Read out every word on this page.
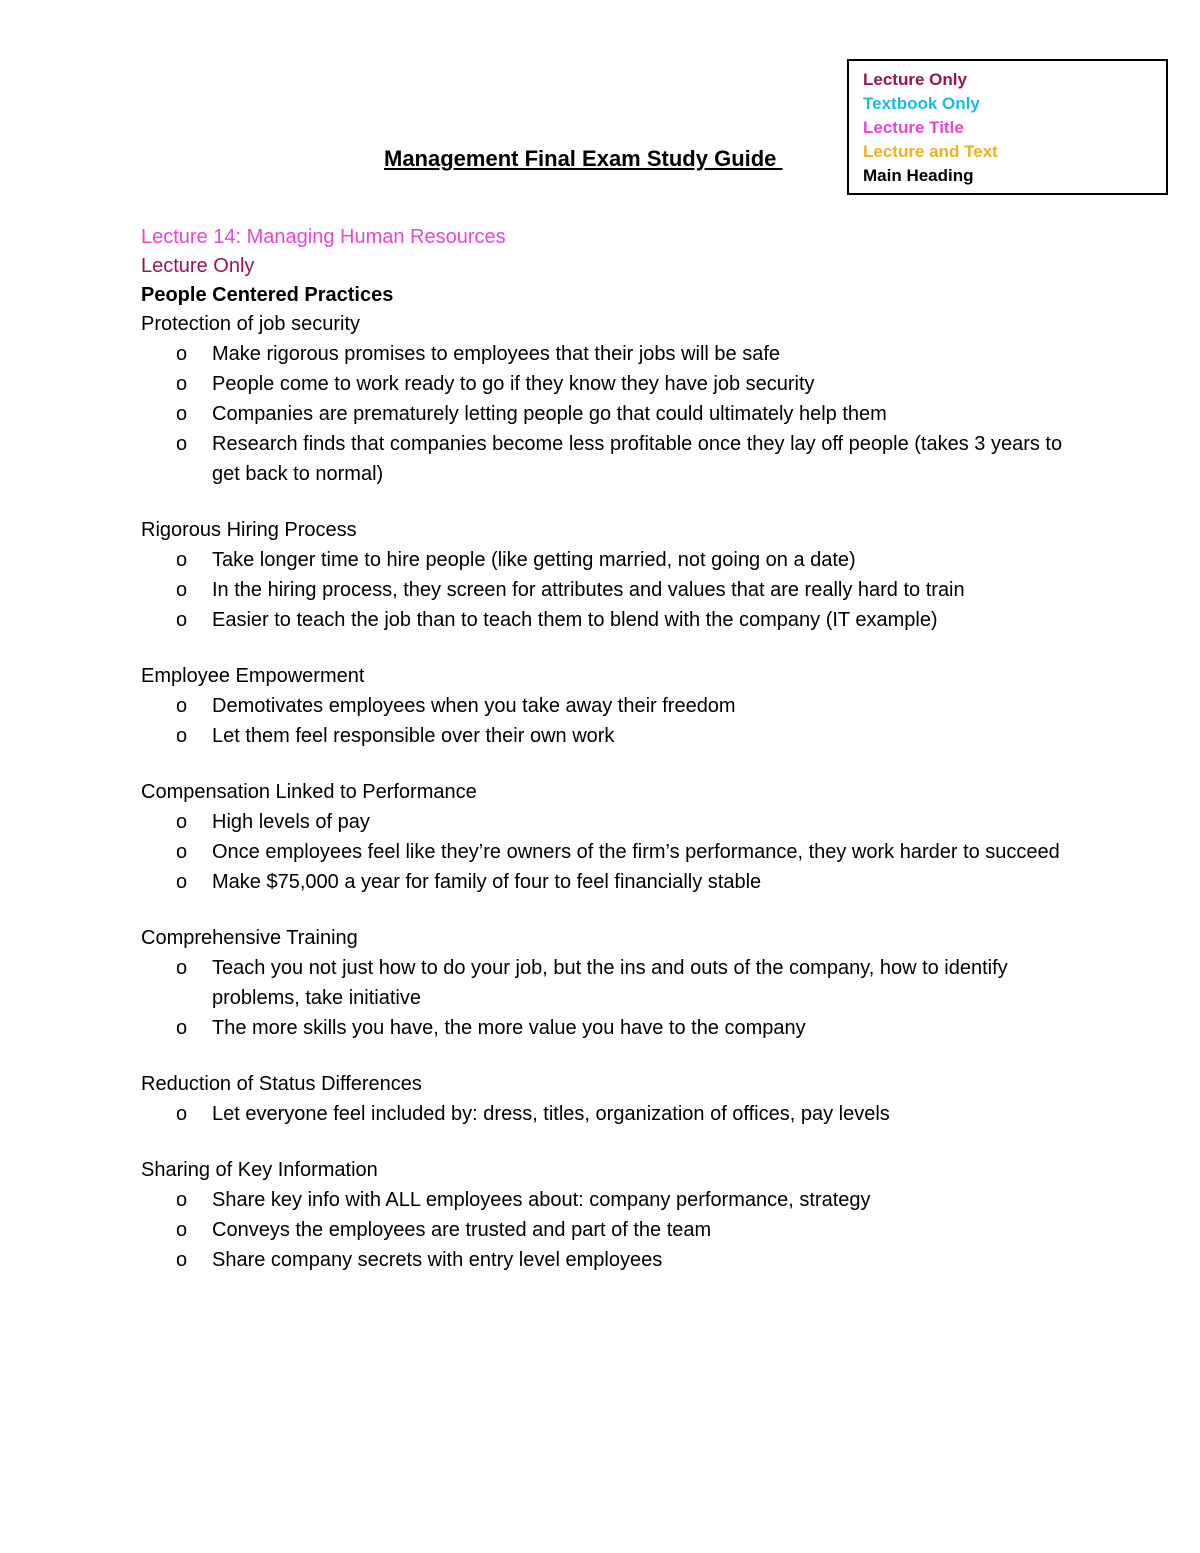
Lecture Only
Textbook Only
Lecture Title
Lecture and Text
Main Heading
Management Final Exam Study Guide
Lecture 14: Managing Human Resources
Lecture Only
People Centered Practices
Protection of job security
o Make rigorous promises to employees that their jobs will be safe
o People come to work ready to go if they know they have job security
o Companies are prematurely letting people go that could ultimately help them
o Research finds that companies become less profitable once they lay off people (takes 3 years to get back to normal)
Rigorous Hiring Process
o Take longer time to hire people (like getting married, not going on a date)
o In the hiring process, they screen for attributes and values that are really hard to train
o Easier to teach the job than to teach them to blend with the company (IT example)
Employee Empowerment
o Demotivates employees when you take away their freedom
o Let them feel responsible over their own work
Compensation Linked to Performance
o High levels of pay
o Once employees feel like they’re owners of the firm’s performance, they work harder to succeed
o Make $75,000 a year for family of four to feel financially stable
Comprehensive Training
o Teach you not just how to do your job, but the ins and outs of the company, how to identify problems, take initiative
o The more skills you have, the more value you have to the company
Reduction of Status Differences
o Let everyone feel included by: dress, titles, organization of offices, pay levels
Sharing of Key Information
o Share key info with ALL employees about: company performance, strategy
o Conveys the employees are trusted and part of the team
o Share company secrets with entry level employees
